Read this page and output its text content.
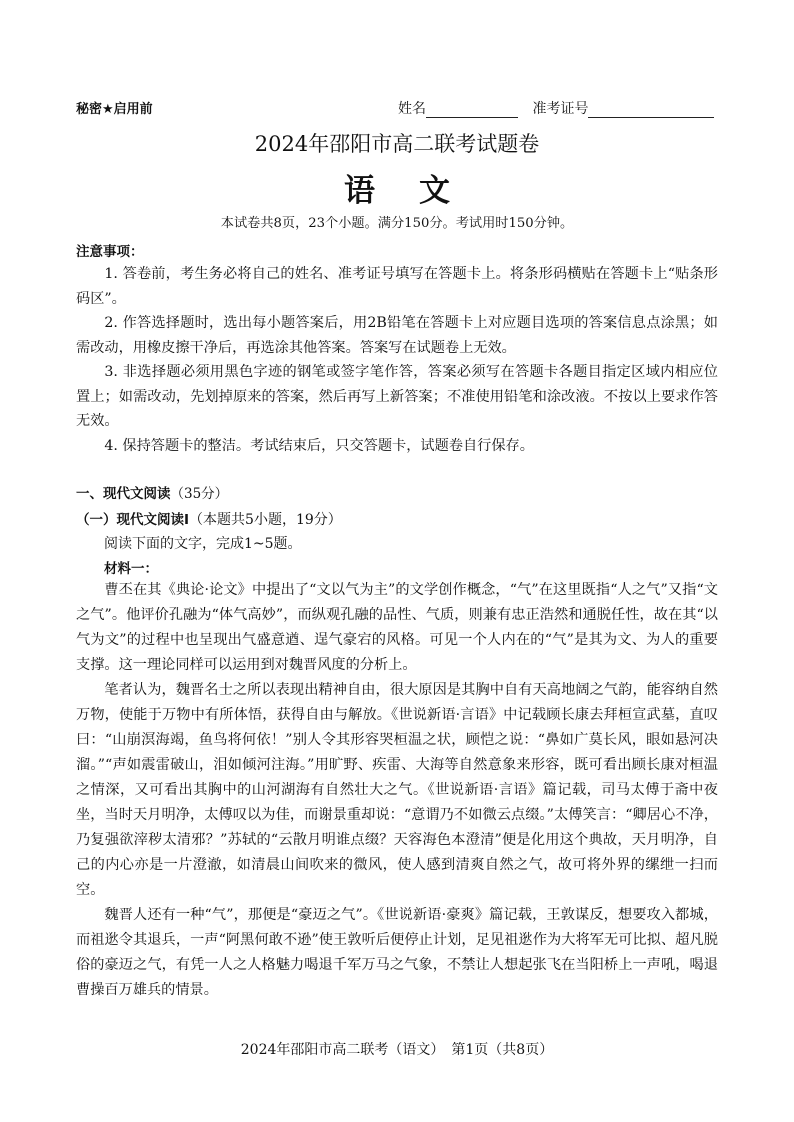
秘密★启用前	姓名	准考证号
2024年邵阳市高二联考试题卷
语 文
本试卷共8页，23个小题。满分150分。考试用时150分钟。
注意事项：

1. 答卷前，考生务必将自己的姓名、准考证号填写在答题卡上。将条形码横贴在答题卡上“贴条形码区”。

2. 作答选择题时，选出每小题答案后，用2B铅笔在答题卡上对应题目选项的答案信息点涂黑；如需改动，用橡皮擦干净后，再选涂其他答案。答案写在试题卷上无效。

3. 非选择题必须用黑色字迹的钢笔或签字笔作答，答案必须写在答题卡各题目指定区域内相应位置上；如需改动，先划掉原来的答案，然后再写上新答案；不准使用铅笔和涂改液。不按以上要求作答无效。

4. 保持答题卡的整洁。考试结束后，只交答题卡，试题卷自行保存。

一、现代文阅读（35分）
（一）现代文阅读Ⅰ（本题共5小题，19分）
阅读下面的文字，完成1~5题。
材料一：

曹丕在其《典论·论文》中提出了“文以气为主”的文学创作概念，“气”在这里既指“人之气”又指“文之气”。他评价孔融为“体气高妙”，而纵观孔融的品性、气质，则兼有忠正浩然和通脱任性，故在其“以气为文”的过程中也呈现出气盛意遒、逞气豪宕的风格。可见一个人内在的“气”是其为文、为人的重要支撑。这一理论同样可以运用到对魏晋风度的分析上。

笔者认为，魏晋名士之所以表现出精神自由，很大原因是其胸中自有天高地阔之气韵，能容纳自然万物，使能于万物中有所体悟，获得自由与解放。《世说新语·言语》中记载顾长康去拜桓宣武墓，直叹曰：“山崩溟海竭，鱼鸟将何依！”别人令其形容哭桓温之状，顾恺之说：“鼻如广莫长风，眼如悬河决溜。”“声如震雷破山，泪如倾河注海。”用旷野、疾雷、大海等自然意象来形容，既可看出顾长康对桓温之情深，又可看出其胸中的山河湖海有自然壮大之气。《世说新语·言语》篇记载，司马太傅于斋中夜坐，当时天月明净，太傅叹以为佳，而谢景重却说：“意谓乃不如微云点缀。”太傅笑言：“卿居心不净，乃复强欲滓秽太清邪？”苏轼的“云散月明谁点缀？天容海色本澄清”便是化用这个典故，天月明净，自己的内心亦是一片澄澈，如清晨山间吹来的微风，使人感到清爽自然之气，故可将外界的缧绁一扫而空。

魏晋人还有一种“气”，那便是“豪迈之气”。《世说新语·豪爽》篇记载，王敦谋反，想要攻入都城，而祖逖令其退兵，一声“阿黑何敢不逊”使王敦听后便停止计划，足见祖逖作为大将军无可比拟、超凡脱俗的豪迈之气，有凭一人之人格魅力喝退千军万马之气象，不禁让人想起张飞在当阳桥上一声吼，喝退曹操百万雄兵的情景。

2024年邵阳市高二联考（语文）　第1页（共8页）
